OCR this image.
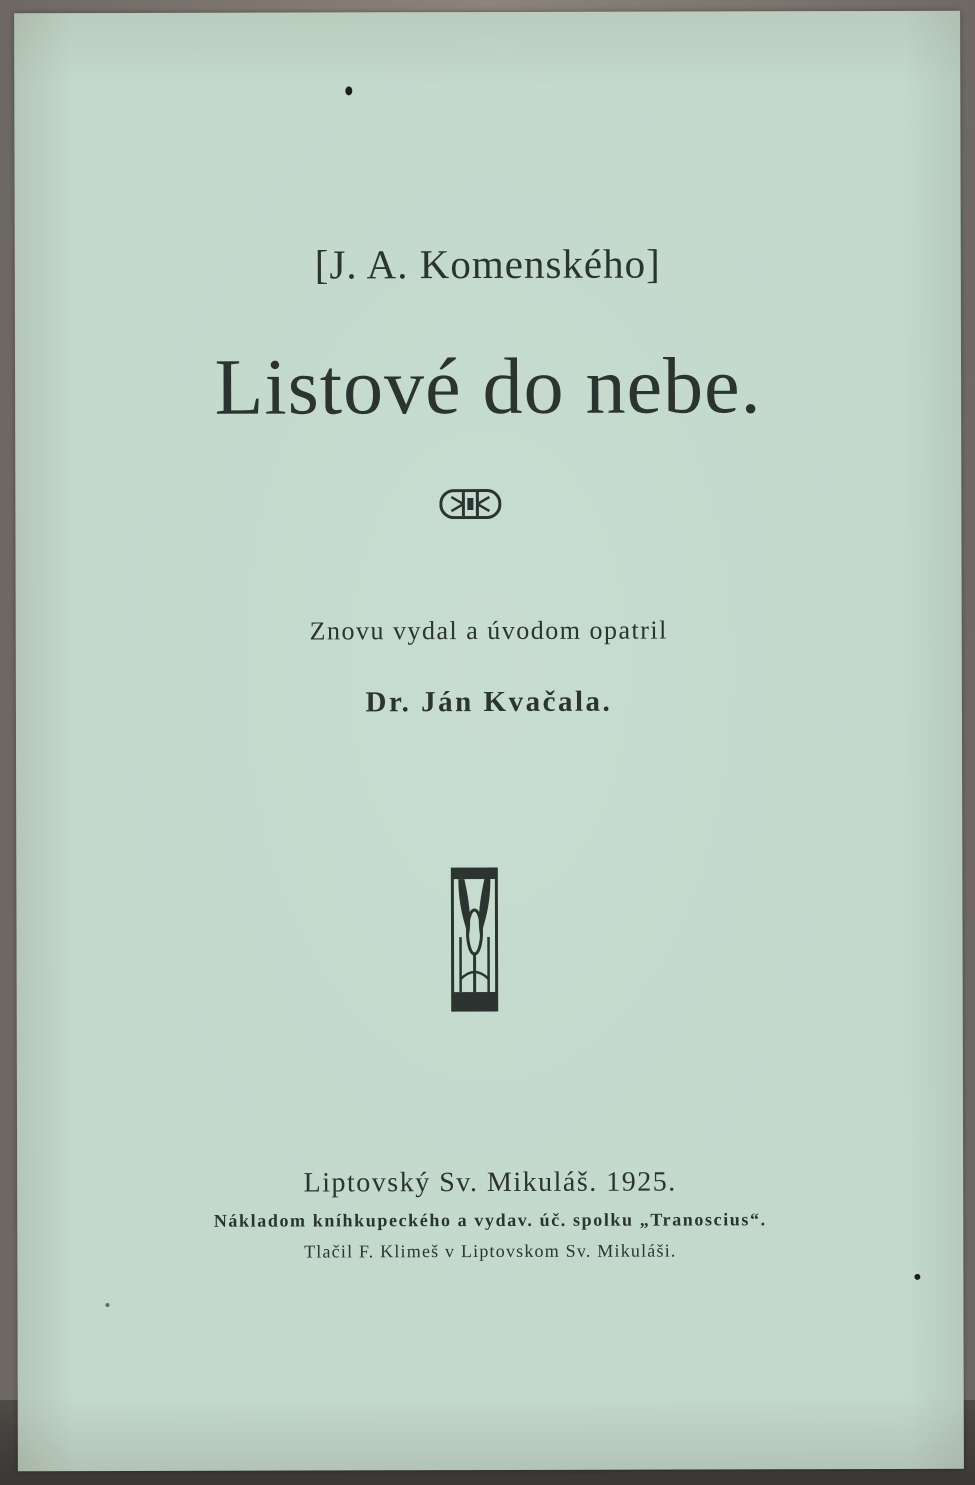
[J. A. Komenského]
Listové do nebe.
Znovu vydal a úvodom opatril
Dr. Ján Kvačala.
Liptovský Sv. Mikuláš. 1925.
Nákladom kníhkupeckého a vydav. úč. spolku „Tranoscius“.
Tlačil F. Klimeš v Liptovskom Sv. Mikuláši.
